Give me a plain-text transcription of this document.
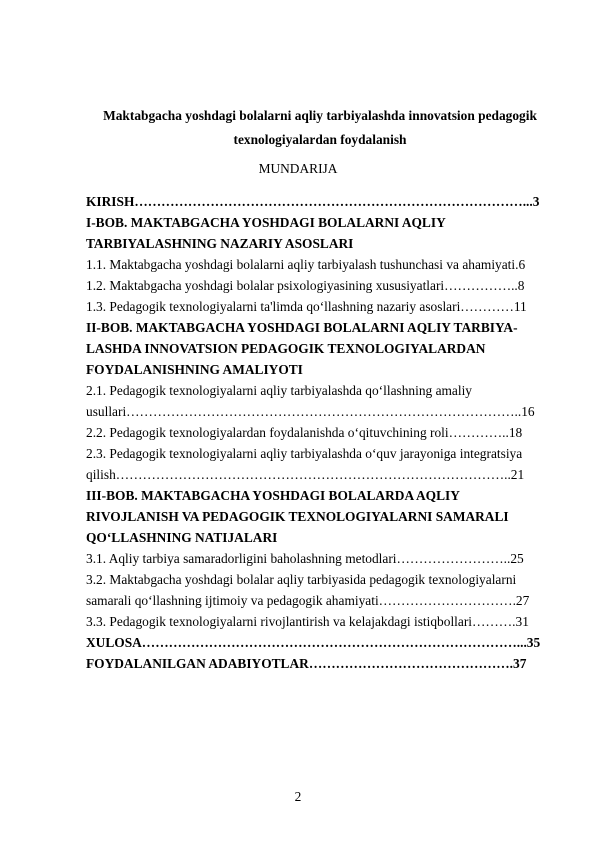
Maktabgacha yoshdagi bolalarni aqliy tarbiyalashda innovatsion pedagogik
texnologiyalardan foydalanish
MUNDARIJA
KIRISH……………………………………………………………………………...3
I-BOB. MAKTABGACHA YOSHDAGI BOLALARNI AQLIY
TARBIYALASHNING NAZARIY ASOSLARI
1.1. Maktabgacha yoshdagi bolalarni aqliy tarbiyalash tushunchasi va ahamiyati.6
1.2. Maktabgacha yoshdagi bolalar psixologiyasining xususiyatlari……………..8
1.3. Pedagogik texnologiyalarni ta'limda qo‘llashning nazariy asoslari…………11
II-BOB. MAKTABGACHA YOSHDAGI BOLALARNI AQLIY TARBIYA-
LASHDA INNOVATSION PEDAGOGIK TEXNOLOGIYALARDAN
FOYDALANISHNING AMALIYOTI
2.1. Pedagogik texnologiyalarni aqliy tarbiyalashda qo‘llashning amaliy
usullari……………………………………………………………………………..16
2.2. Pedagogik texnologiyalardan foydalanishda o‘qituvchining roli…………..18
2.3. Pedagogik texnologiyalarni aqliy tarbiyalashda o‘quv jarayoniga integratsiya
qilish……………………………………………………………………………..21
III-BOB. MAKTABGACHA YOSHDAGI BOLALARDA AQLIY
RIVOJLANISH VA PEDAGOGIK TEXNOLOGIYALARNI SAMARALI
QO‘LLASHNING NATIJALARI
3.1. Aqliy tarbiya samaradorligini baholashning metodlari……………………..25
3.2. Maktabgacha yoshdagi bolalar aqliy tarbiyasida pedagogik texnologiyalarni
samarali qo‘llashning ijtimoiy va pedagogik ahamiyati………………………….27
3.3. Pedagogik texnologiyalarni rivojlantirish va kelajakdagi istiqbollari……….31
XULOSA…………………………………………………………………………...35
FOYDALANILGAN ADABIYOTLAR……………………………………….37
2
